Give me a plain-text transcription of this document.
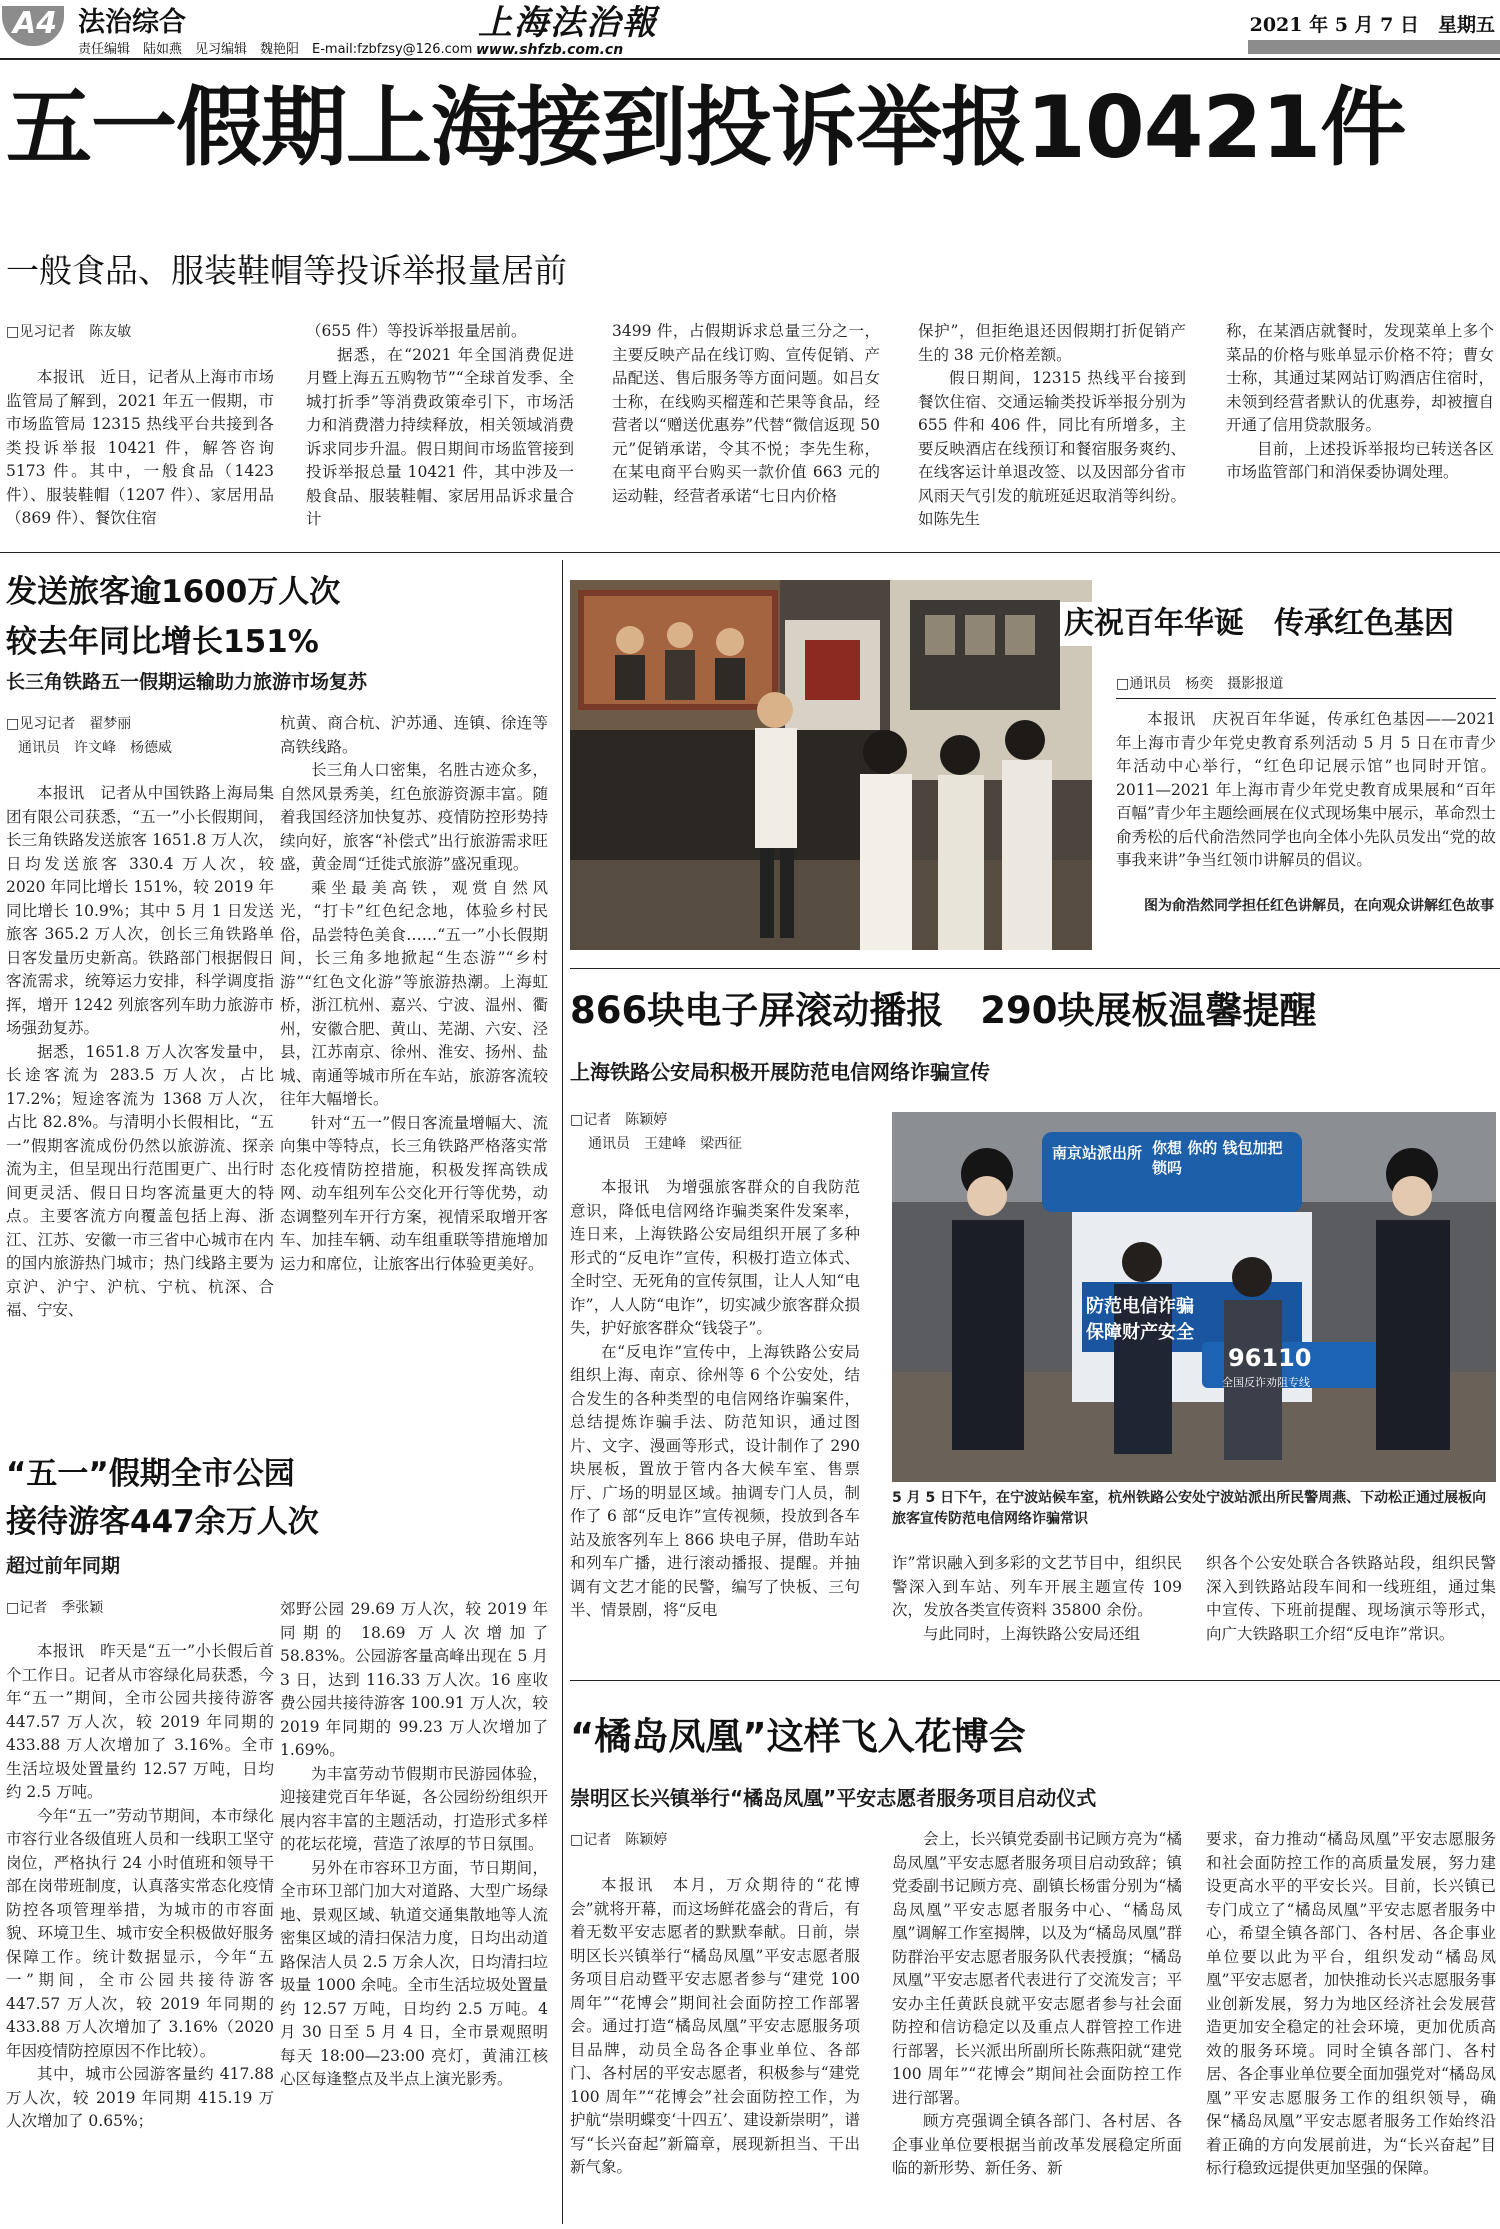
A4 法治综合
责任编辑　陆如燕　见习编辑　魏艳阳　E-mail:fzbfzsy@126.com
上海法治報
www.shfzb.com.cn
2021 年 5 月 7 日　星期五
五一假期上海接到投诉举报10421件
一般食品、服装鞋帽等投诉举报量居前
□见习记者　陈友敏

本报讯　近日，记者从上海市市场监管局了解到，2021 年五一假期，市市场监管局 12315 热线平台共接到各类投诉举报 10421 件，解答咨询 5173 件。其中，一般食品（1423 件）、服装鞋帽（1207 件）、家居用品（869 件）、餐饮住宿

（655 件）等投诉举报量居前。

据悉，在“2021 年全国消费促进月暨上海五五购物节”“全球首发季、全城打折季”等消费政策牵引下，市场活力和消费潜力持续释放，相关领域消费诉求同步升温。假日期间市场监管接到投诉举报总量 10421 件，其中涉及一般食品、服装鞋帽、家居用品诉求量合计

3499 件，占假期诉求总量三分之一，主要反映产品在线订购、宣传促销、产品配送、售后服务等方面问题。如吕女士称，在线购买榴莲和芒果等食品，经营者以“赠送优惠券”代替“微信返现 50 元”促销承诺，令其不悦；李先生称，在某电商平台购买一款价值 663 元的运动鞋，经营者承诺“七日内价格

保护”，但拒绝退还因假期打折促销产生的 38 元价格差额。

假日期间，12315 热线平台接到餐饮住宿、交通运输类投诉举报分别为 655 件和 406 件，同比有所增多，主要反映酒店在线预订和餐宿服务爽约、在线客运计单退改签、以及因部分省市风雨天气引发的航班延迟取消等纠纷。如陈先生

称，在某酒店就餐时，发现菜单上多个菜品的价格与账单显示价格不符；曹女士称，其通过某网站订购酒店住宿时，未领到经营者默认的优惠券，却被擅自开通了信用贷款服务。

目前，上述投诉举报均已转送各区市场监管部门和消保委协调处理。

发送旅客逾1600万人次
较去年同比增长151%
长三角铁路五一假期运输助力旅游市场复苏
□见习记者　翟梦丽
通讯员　许文峰　杨德威

本报讯　记者从中国铁路上海局集团有限公司获悉，“五一”小长假期间，长三角铁路发送旅客 1651.8 万人次，日均发送旅客 330.4 万人次，较 2020 年同比增长 151%，较 2019 年同比增长 10.9%；其中 5 月 1 日发送旅客 365.2 万人次，创长三角铁路单日客发量历史新高。铁路部门根据假日客流需求，统筹运力安排，科学调度指挥，增开 1242 列旅客列车助力旅游市场强劲复苏。

据悉，1651.8 万人次客发量中，长途客流为 283.5 万人次，占比 17.2%；短途客流为 1368 万人次，占比 82.8%。与清明小长假相比，“五一”假期客流成份仍然以旅游流、探亲流为主，但呈现出行范围更广、出行时间更灵活、假日日均客流量更大的特点。主要客流方向覆盖包括上海、浙江、江苏、安徽一市三省中心城市在内的国内旅游热门城市；热门线路主要为京沪、沪宁、沪杭、宁杭、杭深、合福、宁安、

杭黄、商合杭、沪苏通、连镇、徐连等高铁线路。

长三角人口密集，名胜古迹众多，自然风景秀美，红色旅游资源丰富。随着我国经济加快复苏、疫情防控形势持续向好，旅客“补偿式”出行旅游需求旺盛，黄金周“迁徙式旅游”盛况重现。

乘坐最美高铁，观赏自然风光，“打卡”红色纪念地，体验乡村民俗，品尝特色美食……“五一”小长假期间，长三角多地掀起“生态游”“乡村游”“红色文化游”等旅游热潮。上海虹桥，浙江杭州、嘉兴、宁波、温州、衢州，安徽合肥、黄山、芜湖、六安、泾县，江苏南京、徐州、淮安、扬州、盐城、南通等城市所在车站，旅游客流较往年大幅增长。

针对“五一”假日客流量增幅大、流向集中等特点，长三角铁路严格落实常态化疫情防控措施，积极发挥高铁成网、动车组列车公交化开行等优势，动态调整列车开行方案，视情采取增开客车、加挂车辆、动车组重联等措施增加运力和席位，让旅客出行体验更美好。

“五一”假期全市公园
接待游客447余万人次
超过前年同期
□记者　季张颖

本报讯　昨天是“五一”小长假后首个工作日。记者从市容绿化局获悉，今年“五一”期间，全市公园共接待游客 447.57 万人次，较 2019 年同期的 433.88 万人次增加了 3.16%。全市生活垃圾处置量约 12.57 万吨，日均约 2.5 万吨。

今年“五一”劳动节期间，本市绿化市容行业各级值班人员和一线职工坚守岗位，严格执行 24 小时值班和领导干部在岗带班制度，认真落实常态化疫情防控各项管理举措，为城市的市容面貌、环境卫生、城市安全积极做好服务保障工作。统计数据显示，今年“五一”期间，全市公园共接待游客 447.57 万人次，较 2019 年同期的 433.88 万人次增加了 3.16%（2020 年因疫情防控原因不作比较）。

其中，城市公园游客量约 417.88 万人次，较 2019 年同期 415.19 万人次增加了 0.65%；

郊野公园 29.69 万人次，较 2019 年同期的 18.69 万人次增加了 58.83%。公园游客量高峰出现在 5 月 3 日，达到 116.33 万人次。16 座收费公园共接待游客 100.91 万人次，较 2019 年同期的 99.23 万人次增加了 1.69%。

为丰富劳动节假期市民游园体验，迎接建党百年华诞，各公园纷纷组织开展内容丰富的主题活动，打造形式多样的花坛花境，营造了浓厚的节日氛围。

另外在市容环卫方面，节日期间，全市环卫部门加大对道路、大型广场绿地、景观区域、轨道交通集散地等人流密集区域的清扫保洁力度，日均出动道路保洁人员 2.5 万余人次，日均清扫垃圾量 1000 余吨。全市生活垃圾处置量约 12.57 万吨，日均约 2.5 万吨。4 月 30 日至 5 月 4 日，全市景观照明每天 18:00—23:00 亮灯，黄浦江核心区每逢整点及半点上演光影秀。

庆祝百年华诞　传承红色基因
□通讯员　杨奕　摄影报道

本报讯　庆祝百年华诞，传承红色基因——2021 年上海市青少年党史教育系列活动 5 月 5 日在市青少年活动中心举行，“红色印记展示馆”也同时开馆。2011—2021 年上海市青少年党史教育成果展和“百年百幅”青少年主题绘画展在仪式现场集中展示，革命烈士俞秀松的后代俞浩然同学也向全体小先队员发出“党的故事我来讲”争当红领巾讲解员的倡议。

图为俞浩然同学担任红色讲解员，在向观众讲解红色故事
866块电子屏滚动播报　290块展板温馨提醒
上海铁路公安局积极开展防范电信网络诈骗宣传
□记者　陈颖婷
通讯员　王建峰　梁西征

本报讯　为增强旅客群众的自我防范意识，降低电信网络诈骗类案件发案率，连日来，上海铁路公安局组织开展了多种形式的“反电诈”宣传，积极打造立体式、全时空、无死角的宣传氛围，让人人知“电诈”，人人防“电诈”，切实减少旅客群众损失，护好旅客群众“钱袋子”。

在“反电诈”宣传中，上海铁路公安局组织上海、南京、徐州等 6 个公安处，结合发生的各种类型的电信网络诈骗案件，总结提炼诈骗手法、防范知识，通过图片、文字、漫画等形式，设计制作了 290 块展板，置放于管内各大候车室、售票厅、广场的明显区域。抽调专门人员，制作了 6 部“反电诈”宣传视频，投放到各车站及旅客列车上 866 块电子屏，借助车站和列车广播，进行滚动播报、提醒。并抽调有文艺才能的民警，编写了快板、三句半、情景剧，将“反电

南京站派出所 你想 你的 钱包加把锁吗
防范电信诈骗
保障财产安全
96110
全国反诈劝阻专线
5 月 5 日下午，在宁波站候车室，杭州铁路公安处宁波站派出所民警周燕、下动松正通过展板向旅客宣传防范电信网络诈骗常识

诈”常识融入到多彩的文艺节目中，组织民警深入到车站、列车开展主题宣传 109 次，发放各类宣传资料 35800 余份。

与此同时，上海铁路公安局还组

织各个公安处联合各铁路站段，组织民警深入到铁路站段车间和一线班组，通过集中宣传、下班前提醒、现场演示等形式，向广大铁路职工介绍“反电诈”常识。

“橘岛凤凰”这样飞入花博会
崇明区长兴镇举行“橘岛凤凰”平安志愿者服务项目启动仪式
□记者　陈颖婷

本报讯　本月，万众期待的“花博会”就将开幕，而这场鲜花盛会的背后，有着无数平安志愿者的默默奉献。日前，崇明区长兴镇举行“橘岛凤凰”平安志愿者服务项目启动暨平安志愿者参与“建党 100 周年”“花博会”期间社会面防控工作部署会。通过打造“橘岛凤凰”平安志愿服务项目品牌，动员全岛各企事业单位、各部门、各村居的平安志愿者，积极参与“建党 100 周年”“花博会”社会面防控工作，为护航“崇明蝶变‘十四五’、建设新崇明”，谱写“长兴奋起”新篇章，展现新担当、干出新气象。

会上，长兴镇党委副书记顾方亮为“橘岛凤凰”平安志愿者服务项目启动致辞；镇党委副书记顾方亮、副镇长杨雷分别为“橘岛凤凰”平安志愿者服务中心、“橘岛凤凰”调解工作室揭牌，以及为“橘岛凤凰”群防群治平安志愿者服务队代表授旗；“橘岛凤凰”平安志愿者代表进行了交流发言；平安办主任黄跃良就平安志愿者参与社会面防控和信访稳定以及重点人群管控工作进行部署，长兴派出所副所长陈燕阳就“建党 100 周年”“花博会”期间社会面防控工作进行部署。

顾方亮强调全镇各部门、各村居、各企事业单位要根据当前改革发展稳定所面临的新形势、新任务、新

要求，奋力推动“橘岛凤凰”平安志愿服务和社会面防控工作的高质量发展，努力建设更高水平的平安长兴。目前，长兴镇已专门成立了“橘岛凤凰”平安志愿者服务中心，希望全镇各部门、各村居、各企事业单位要以此为平台，组织发动“橘岛凤凰”平安志愿者，加快推动长兴志愿服务事业创新发展，努力为地区经济社会发展营造更加安全稳定的社会环境，更加优质高效的服务环境。同时全镇各部门、各村居、各企事业单位要全面加强党对“橘岛凤凰”平安志愿服务工作的组织领导，确保“橘岛凤凰”平安志愿者服务工作始终沿着正确的方向发展前进，为“长兴奋起”目标行稳致远提供更加坚强的保障。
